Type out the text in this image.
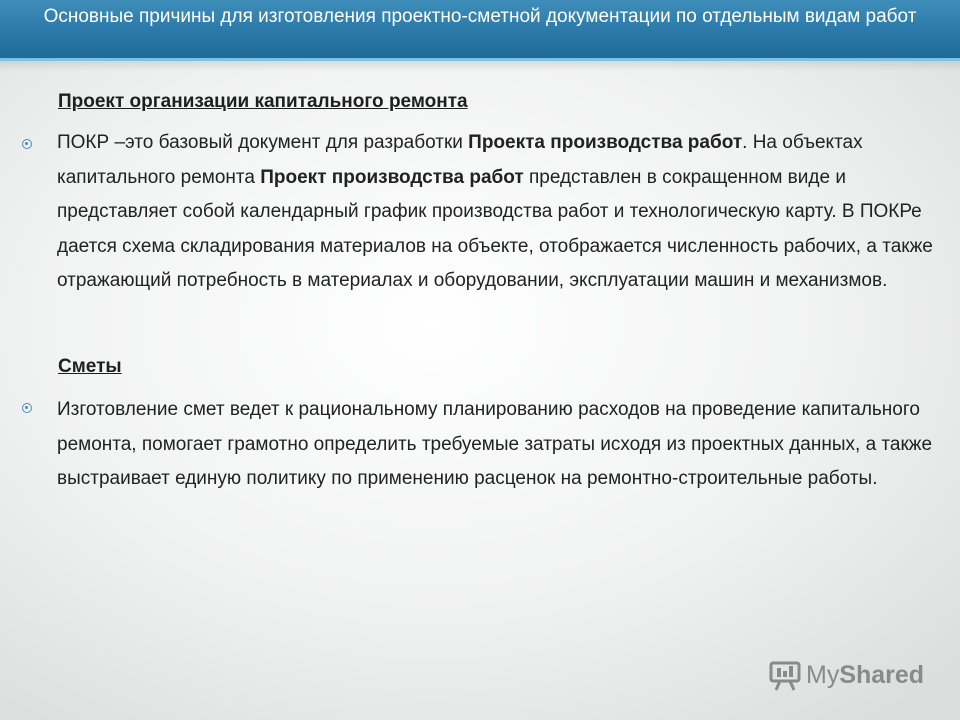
Основные причины для изготовления проектно-сметной документации по отдельным видам работ
Проект организации капитального ремонта
ПОКР –это базовый документ для разработки Проекта производства работ. На объектах капитального ремонта Проект производства работ представлен в сокращенном виде и представляет собой календарный график производства работ и технологическую карту. В ПОКРе дается схема складирования материалов на объекте, отображается численность рабочих, а также отражающий потребность в материалах и оборудовании, эксплуатации машин и механизмов.
Сметы
Изготовление смет ведет к рациональному планированию расходов на проведение капитального ремонта, помогает грамотно определить требуемые затраты исходя из проектных данных, а также выстраивает единую политику по применению расценок на ремонтно-строительные работы.
MyShared
